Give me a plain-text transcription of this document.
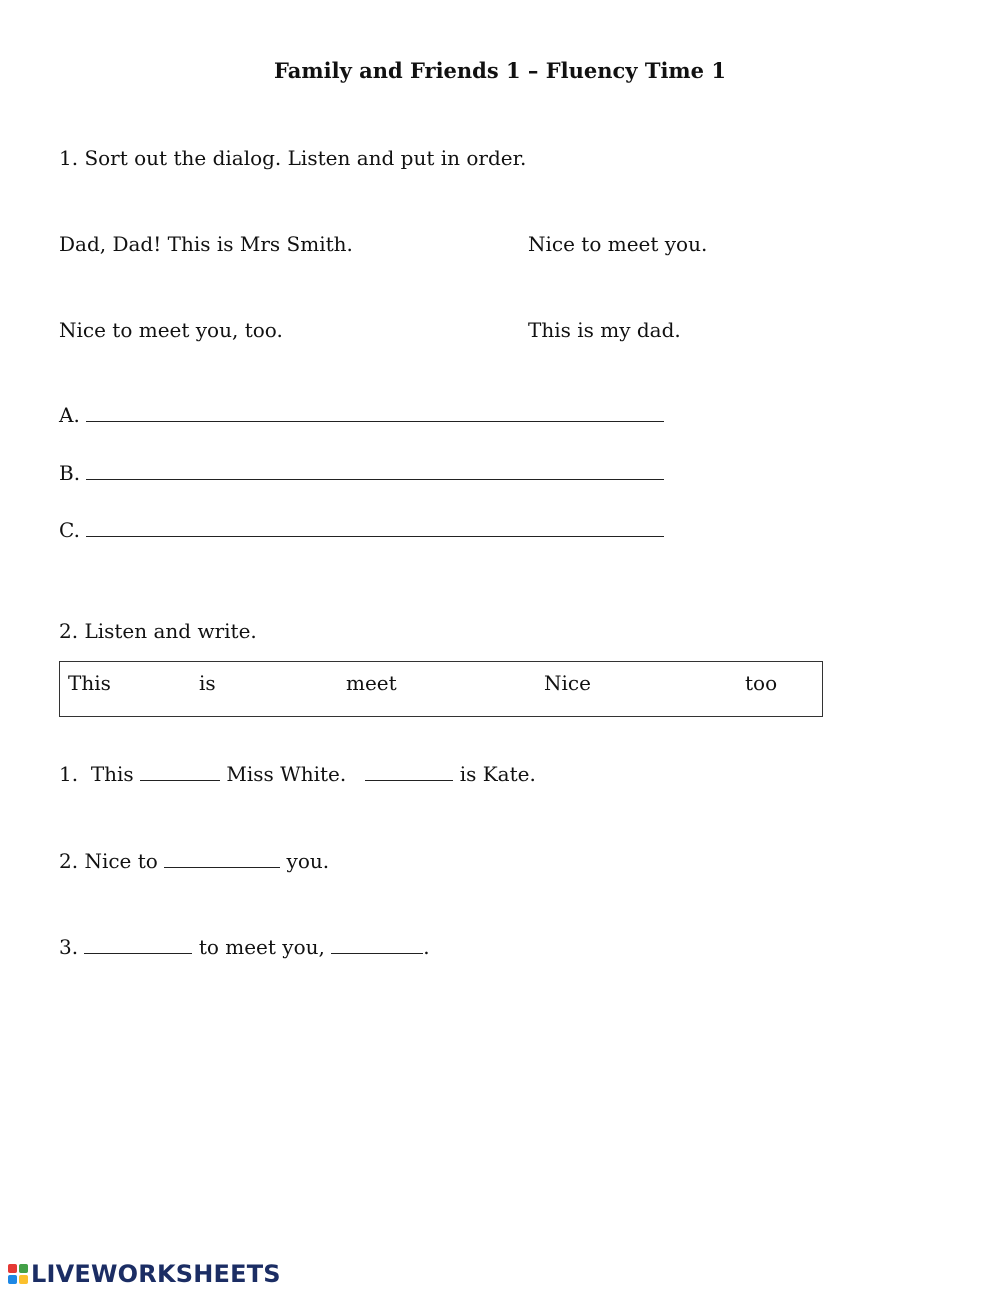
Family and Friends 1 – Fluency Time 1
1. Sort out the dialog. Listen and put in order.
Dad, Dad! This is Mrs Smith.	Nice to meet you.
Nice to meet you, too.	This is my dad.
A.
B.
C.
2. Listen and write.
This	is	meet	Nice	too
1. This	Miss White.	is Kate.
2. Nice to	you.
3.	to meet you,	.
LIVEWORKSHEETS
